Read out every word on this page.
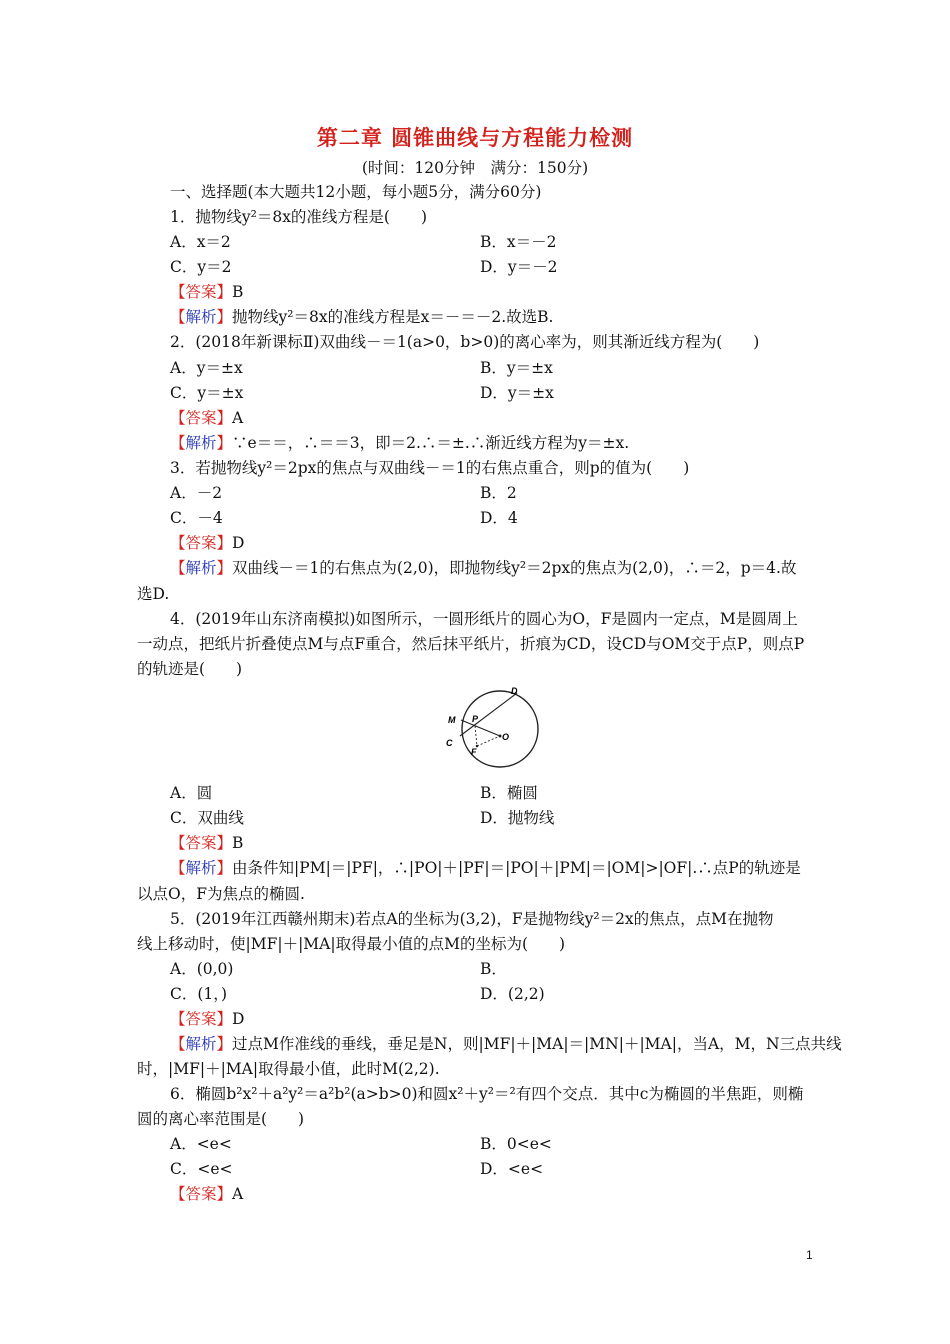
第二章 圆锥曲线与方程能力检测
(时间：120分钟　满分：150分)
一、选择题(本大题共12小题，每小题5分，满分60分)
1．抛物线y²＝8x的准线方程是(　　)
A．x＝2	B．x＝－2
C．y＝2	D．y＝－2
【答案】B
【解析】抛物线y²＝8x的准线方程是x＝－＝－2.故选B.
2．(2018年新课标Ⅱ)双曲线－＝1(a>0，b>0)的离心率为，则其渐近线方程为(　　)
A．y＝±x	B．y＝±x
C．y＝±x	D．y＝±x
【答案】A
【解析】∵e＝＝，∴＝＝3，即＝2.∴＝±.∴渐近线方程为y＝±x.
3．若抛物线y²＝2px的焦点与双曲线－＝1的右焦点重合，则p的值为(　　)
A．－2	B．2
C．－4	D．4
【答案】D
【解析】双曲线－＝1的右焦点为(2,0)，即抛物线y²＝2px的焦点为(2,0)，∴＝2，p＝4.故
选D.
4．(2019年山东济南模拟)如图所示，一圆形纸片的圆心为O，F是圆内一定点，M是圆周上
一动点，把纸片折叠使点M与点F重合，然后抹平纸片，折痕为CD，设CD与OM交于点P，则点P
的轨迹是(　　)
D
M P
O
C
F
A．圆	B．椭圆
C．双曲线	D．抛物线
【答案】B
【解析】由条件知|PM|＝|PF|，∴|PO|＋|PF|＝|PO|＋|PM|＝|OM|>|OF|.∴点P的轨迹是
以点O，F为焦点的椭圆.
5．(2019年江西赣州期末)若点A的坐标为(3,2)，F是抛物线y²＝2x的焦点，点M在抛物
线上移动时，使|MF|＋|MA|取得最小值的点M的坐标为(　　)
A．(0,0)	B．
C．(1，)	D．(2,2)
【答案】D
【解析】过点M作准线的垂线，垂足是N，则|MF|＋|MA|＝|MN|＋|MA|，当A，M，N三点共线
时，|MF|＋|MA|取得最小值，此时M(2,2).
6．椭圆b²x²＋a²y²＝a²b²(a>b>0)和圆x²＋y²＝²有四个交点．其中c为椭圆的半焦距，则椭
圆的离心率范围是(　　)
A．<e<	B．0<e<
C．<e<	D．<e<
【答案】A
1
